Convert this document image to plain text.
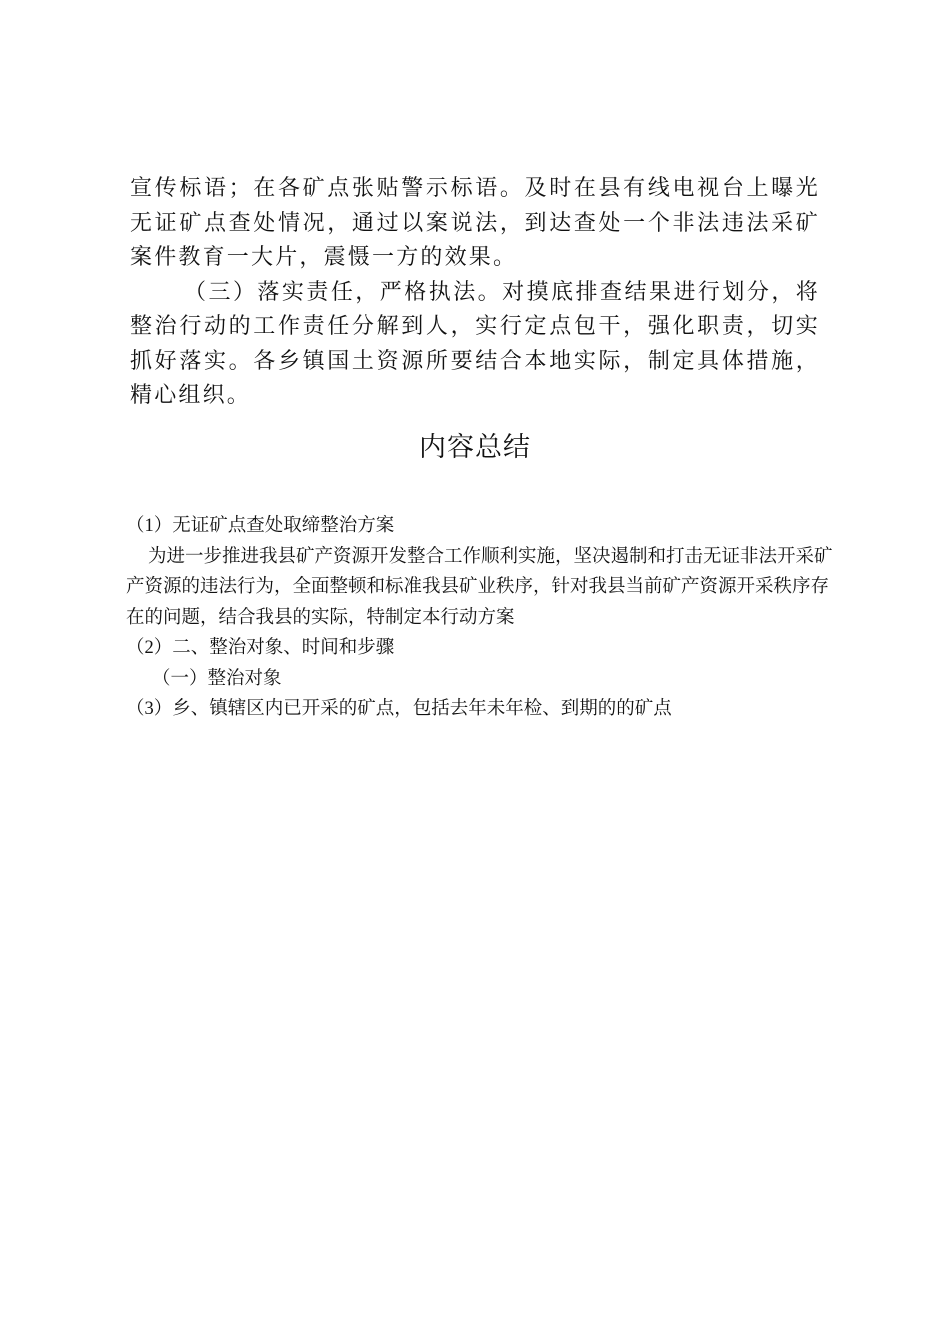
宣传标语；在各矿点张贴警示标语。及时在县有线电视台上曝光无证矿点查处情况，通过以案说法，到达查处一个非法违法采矿案件教育一大片，震慑一方的效果。

（三）落实责任，严格执法。对摸底排查结果进行划分，将整治行动的工作责任分解到人，实行定点包干，强化职责，切实抓好落实。各乡镇国土资源所要结合本地实际，制定具体措施，精心组织。

内容总结

（1）无证矿点查处取缔整治方案

为进一步推进我县矿产资源开发整合工作顺利实施，坚决遏制和打击无证非法开采矿产资源的违法行为，全面整顿和标准我县矿业秩序，针对我县当前矿产资源开采秩序存在的问题，结合我县的实际，特制定本行动方案

（2）二、整治对象、时间和步骤

（一）整治对象

（3）乡、镇辖区内已开采的矿点，包括去年未年检、到期的的矿点
